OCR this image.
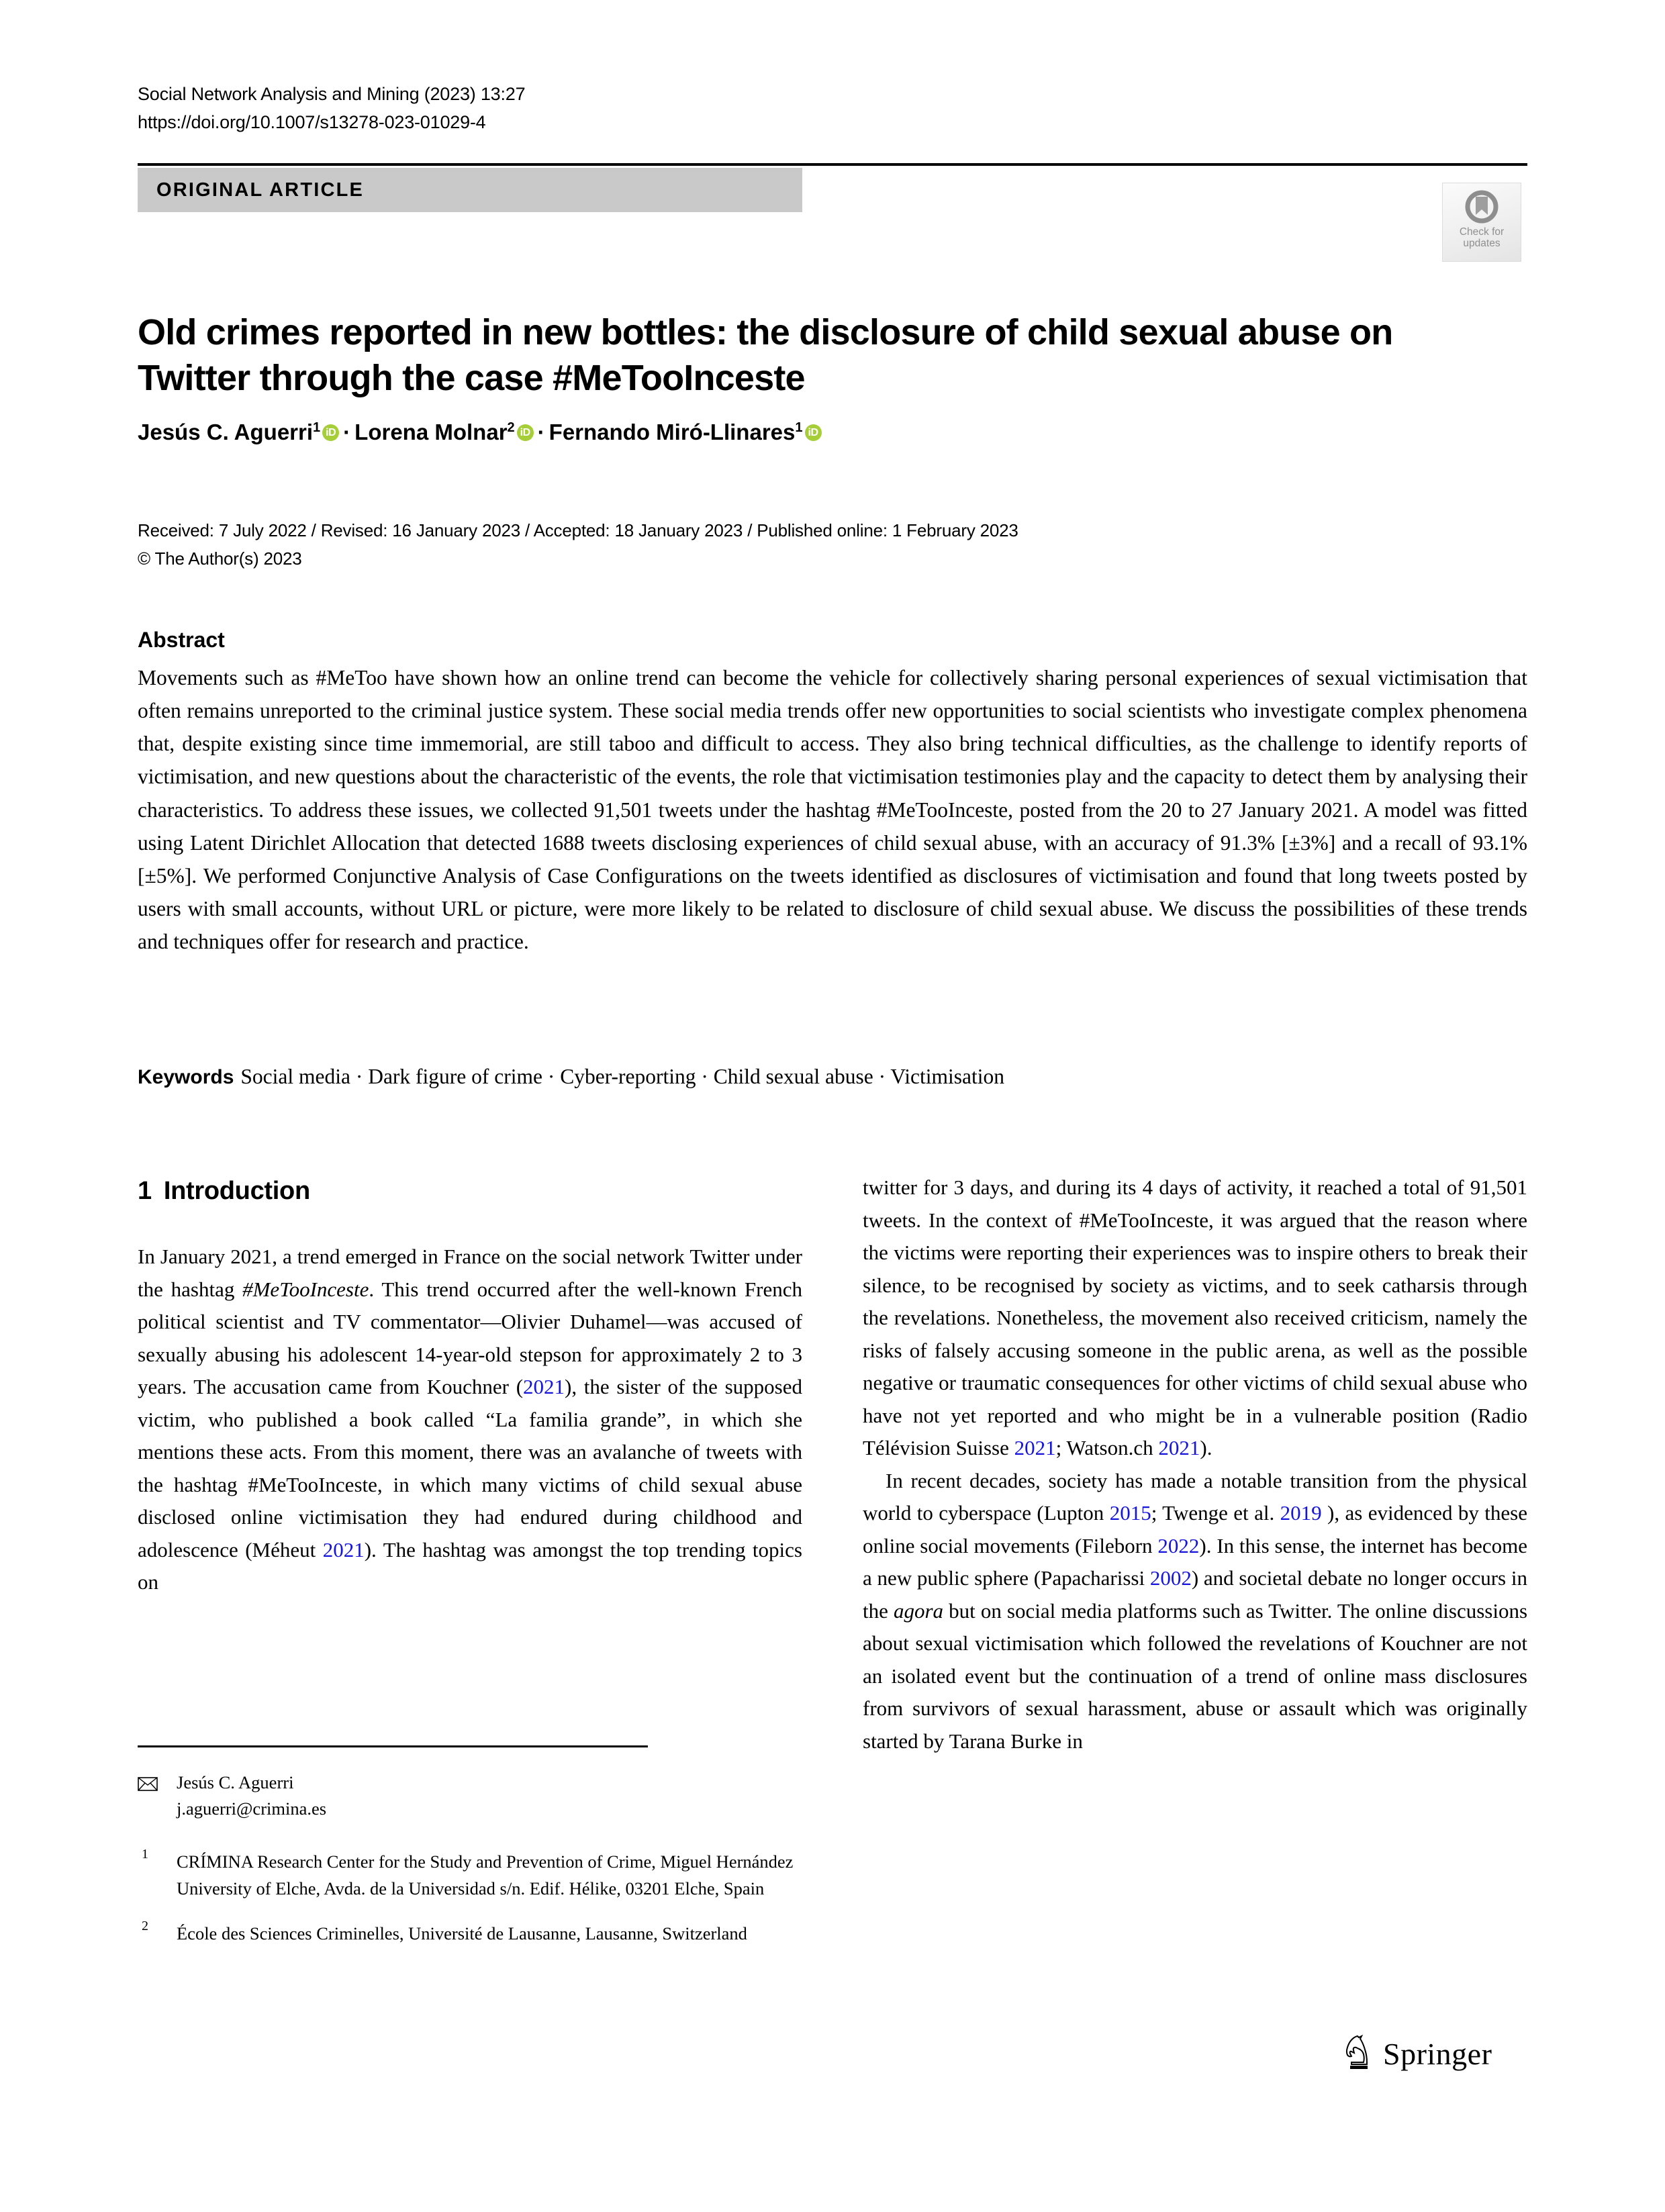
Social Network Analysis and Mining (2023) 13:27
https://doi.org/10.1007/s13278-023-01029-4
ORIGINAL ARTICLE
Check for
updates
Old crimes reported in new bottles: the disclosure of child sexual abuse on Twitter through the case #MeTooInceste
Jesús C. Aguerri$^1$ iD · Lorena Molnar$^2$ iD · Fernando Miró-Llinares$^1$iD
Received: 7 July 2022 / Revised: 16 January 2023 / Accepted: 18 January 2023 / Published online: 1 February 2023
© The Author(s) 2023
Abstract
Movements such as #MeToo have shown how an online trend can become the vehicle for collectively sharing personal experiences of sexual victimisation that often remains unreported to the criminal justice system. These social media trends offer new opportunities to social scientists who investigate complex phenomena that, despite existing since time immemorial, are still taboo and difficult to access. They also bring technical difficulties, as the challenge to identify reports of victimisation, and new questions about the characteristic of the events, the role that victimisation testimonies play and the capacity to detect them by analysing their characteristics. To address these issues, we collected 91,501 tweets under the hashtag #MeTooInceste, posted from the 20 to 27 January 2021. A model was fitted using Latent Dirichlet Allocation that detected 1688 tweets disclosing experiences of child sexual abuse, with an accuracy of 91.3% [±3%] and a recall of 93.1% [±5%]. We performed Conjunctive Analysis of Case Configurations on the tweets identified as disclosures of victimisation and found that long tweets posted by users with small accounts, without URL or picture, were more likely to be related to disclosure of child sexual abuse. We discuss the possibilities of these trends and techniques offer for research and practice.
Keywords Social media · Dark figure of crime · Cyber-reporting · Child sexual abuse · Victimisation
1 Introduction

In January 2021, a trend emerged in France on the social network Twitter under the hashtag #MeTooInceste. This trend occurred after the well-known French political scientist and TV commentator—Olivier Duhamel—was accused of sexually abusing his adolescent 14-year-old stepson for approximately 2 to 3 years. The accusation came from Kouchner (2021), the sister of the supposed victim, who published a book called “La familia grande”, in which she mentions these acts. From this moment, there was an avalanche of tweets with the hashtag #MeTooInceste, in which many victims of child sexual abuse disclosed online victimisation they had endured during childhood and adolescence (Méheut 2021). The hashtag was amongst the top trending topics on

twitter for 3 days, and during its 4 days of activity, it reached a total of 91,501 tweets. In the context of #MeTooInceste, it was argued that the reason where the victims were reporting their experiences was to inspire others to break their silence, to be recognised by society as victims, and to seek catharsis through the revelations. Nonetheless, the movement also received criticism, namely the risks of falsely accusing someone in the public arena, as well as the possible negative or traumatic consequences for other victims of child sexual abuse who have not yet reported and who might be in a vulnerable position (Radio Télévision Suisse 2021; Watson.ch 2021).

In recent decades, society has made a notable transition from the physical world to cyberspace (Lupton 2015; Twenge et al. 2019 ), as evidenced by these online social movements (Fileborn 2022). In this sense, the internet has become a new public sphere (Papacharissi 2002) and societal debate no longer occurs in the agora but on social media platforms such as Twitter. The online discussions about sexual victimisation which followed the revelations of Kouchner are not an isolated event but the continuation of a trend of online mass disclosures from survivors of sexual harassment, abuse or assault which was originally started by Tarana Burke in

Jesús C. Aguerri
j.aguerri@crimina.es
1 CRÍMINA Research Center for the Study and Prevention of Crime, Miguel Hernández University of Elche, Avda. de la Universidad s/n. Edif. Hélike, 03201 Elche, Spain
2 École des Sciences Criminelles, Université de Lausanne, Lausanne, Switzerland
Springer
